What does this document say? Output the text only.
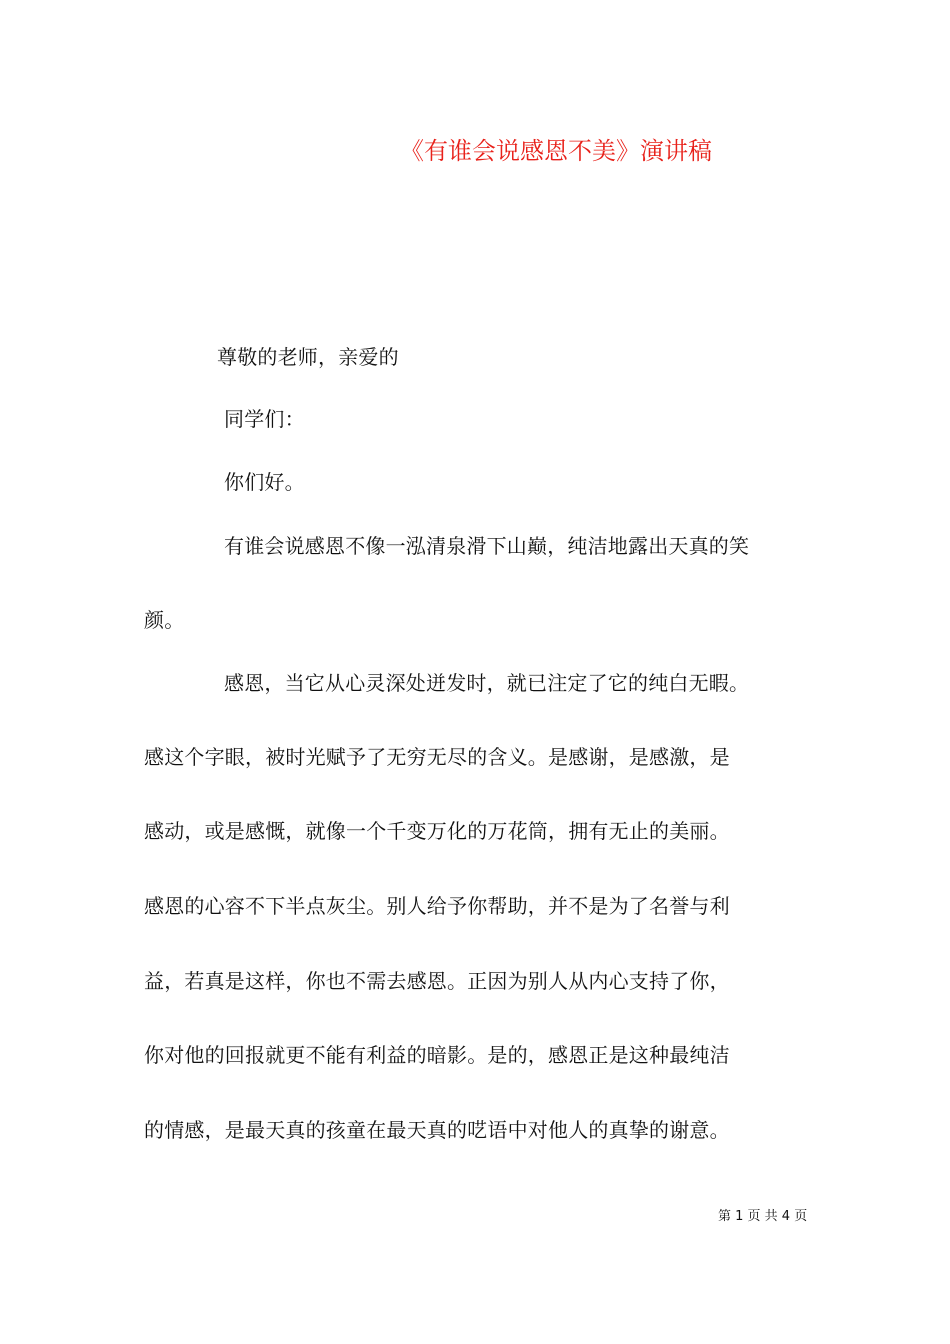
《有谁会说感恩不美》演讲稿
尊敬的老师，亲爱的
同学们：
你们好。
有谁会说感恩不像一泓清泉滑下山巅，纯洁地露出天真的笑
颜。
感恩，当它从心灵深处迸发时，就已注定了它的纯白无暇。
感这个字眼，被时光赋予了无穷无尽的含义。是感谢，是感激，是
感动，或是感慨，就像一个千变万化的万花筒，拥有无止的美丽。
感恩的心容不下半点灰尘。别人给予你帮助，并不是为了名誉与利
益，若真是这样，你也不需去感恩。正因为别人从内心支持了你，
你对他的回报就更不能有利益的暗影。是的，感恩正是这种最纯洁
的情感，是最天真的孩童在最天真的呓语中对他人的真挚的谢意。
第 1 页 共 4 页
